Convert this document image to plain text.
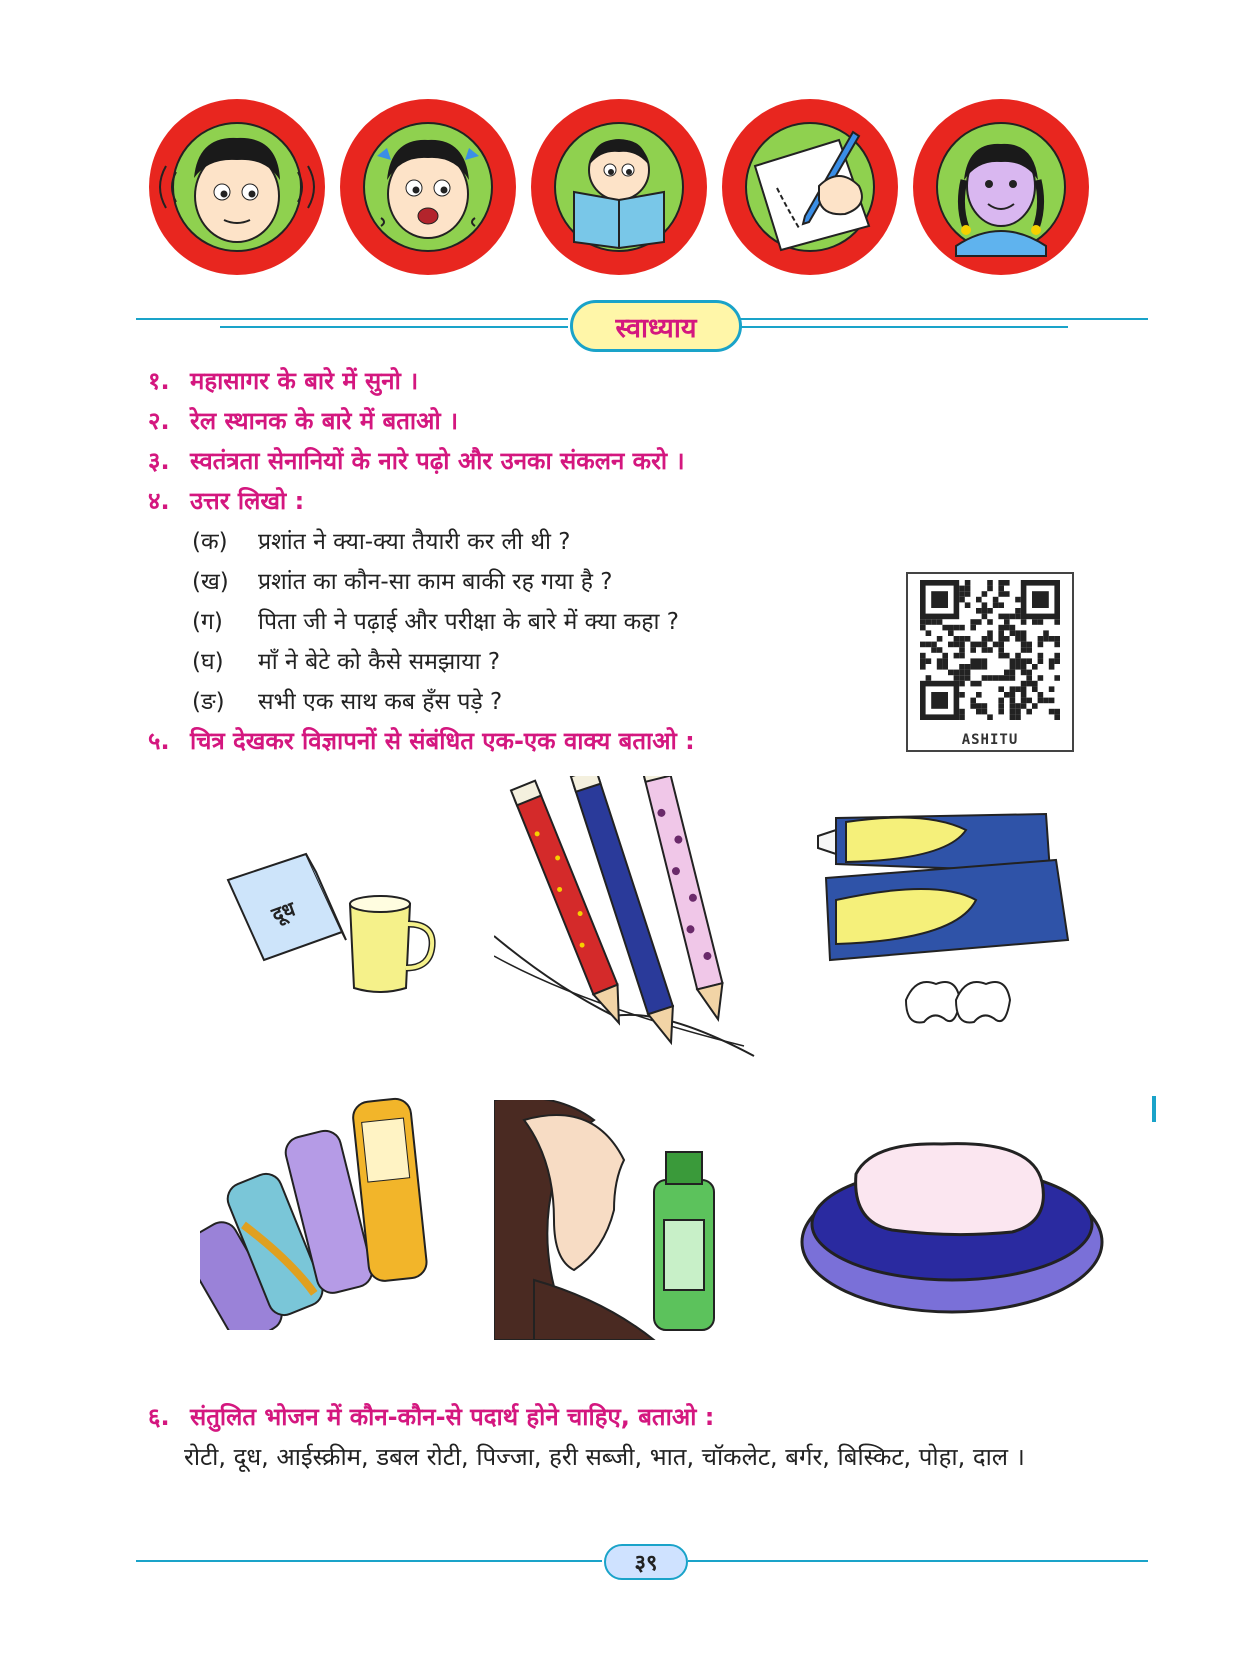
स्वाध्याय
१. महासागर के बारे में सुनो ।
२. रेल स्थानक के बारे में बताओ ।
३. स्वतंत्रता सेनानियों के नारे पढ़ो और उनका संकलन करो ।
४. उत्तर लिखो :
(क) प्रशांत ने क्या-क्या तैयारी कर ली थी ?
(ख) प्रशांत का कौन-सा काम बाकी रह गया है ?
(ग) पिता जी ने पढ़ाई और परीक्षा के बारे में क्या कहा ?
(घ) माँ ने बेटे को कैसे समझाया ?
(ङ) सभी एक साथ कब हँस पड़े ?
५. चित्र देखकर विज्ञापनों से संबंधित एक-एक वाक्य बताओ :	ASHITU
दूध
६. संतुलित भोजन में कौन-कौन-से पदार्थ होने चाहिए, बताओ :
रोटी, दूध, आईस्क्रीम, डबल रोटी, पिज्जा, हरी सब्जी, भात, चॉकलेट, बर्गर, बिस्किट, पोहा, दाल ।
३९
